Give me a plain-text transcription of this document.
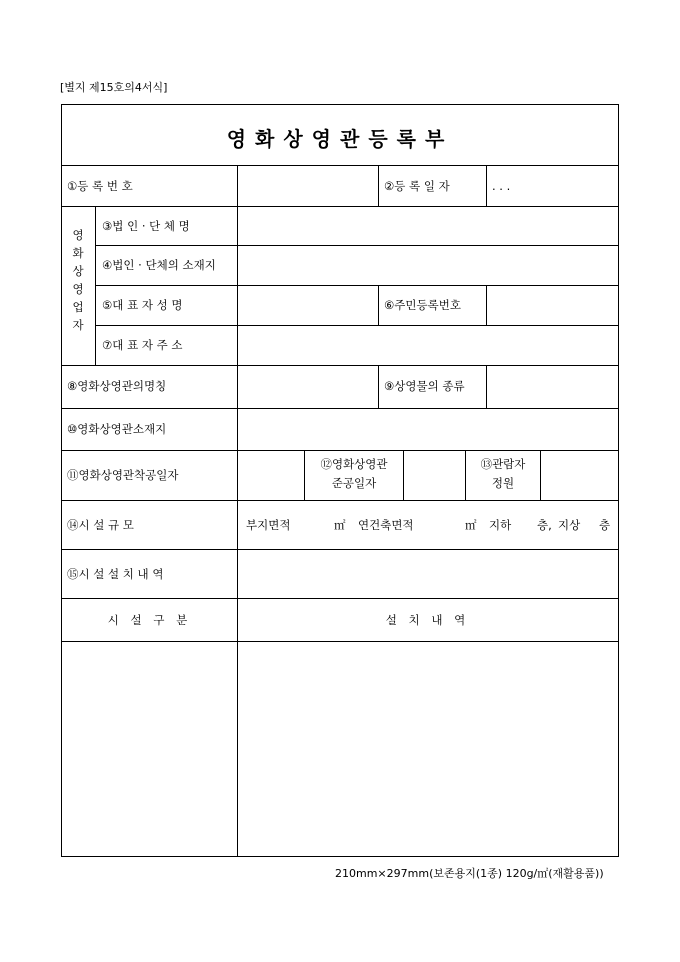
[별지 제15호의4서식]
영화상영관등록부
①등 록 번 호	②등 록 일 자	. . .
영
화
상
영
업
자
③법 인 · 단 체 명
④법인 · 단체의 소재지
⑤대 표 자 성 명	⑥주민등록번호
⑦대 표 자 주 소
⑧영화상영관의명칭	⑨상영물의 종류
⑩영화상영관소재지
⑪영화상영관착공일자
⑫영화상영관
준공일자
⑬관람자
정원
⑭시 설 규 모	부지면적	㎡ 연건축면적	㎡ 지하 층, 지상 층
⑮시 설 설 치 내 역
시 설 구 분	설 치 내 역
210mm×297mm(보존용지(1종) 120g/㎡(재활용품))
